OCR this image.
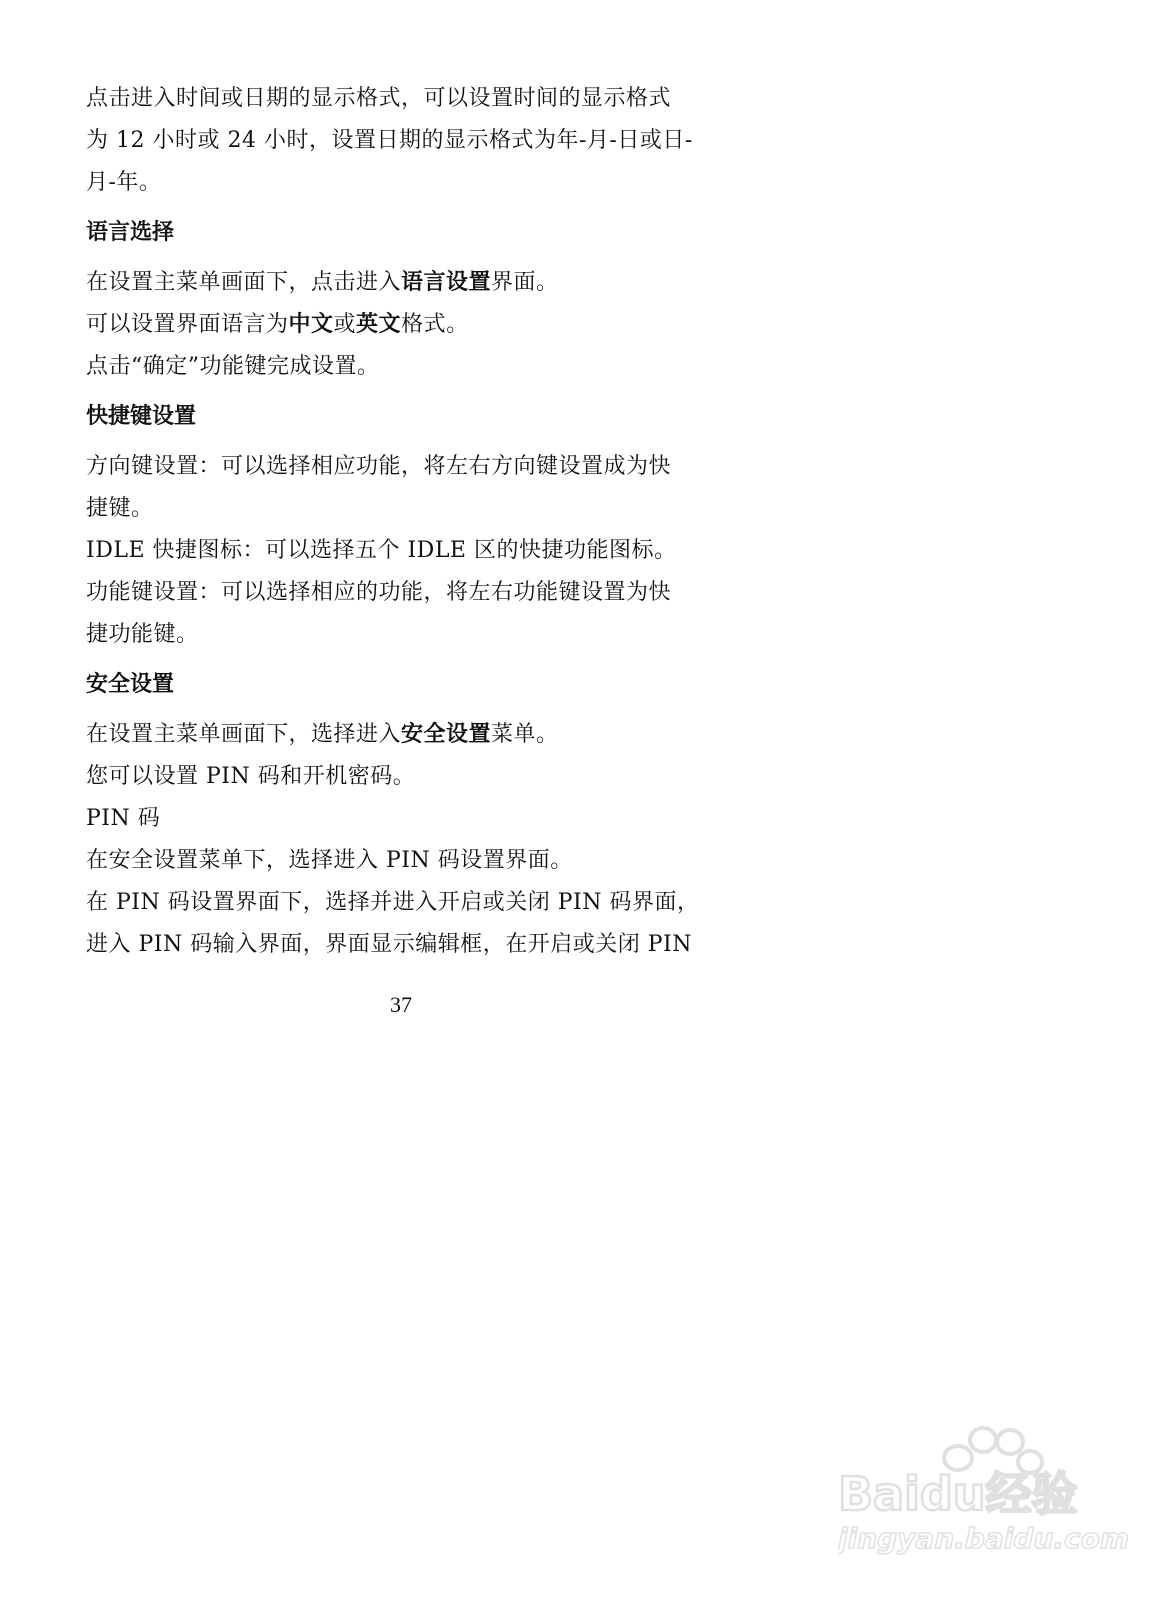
点击进入时间或日期的显示格式，可以设置时间的显示格式
为 12 小时或 24 小时，设置日期的显示格式为年-月-日或日-
月-年。

语言选择

在设置主菜单画面下，点击进入语言设置界面。
可以设置界面语言为中文或英文格式。
点击“确定”功能键完成设置。

快捷键设置

方向键设置：可以选择相应功能，将左右方向键设置成为快
捷键。
IDLE 快捷图标：可以选择五个 IDLE 区的快捷功能图标。
功能键设置：可以选择相应的功能，将左右功能键设置为快
捷功能键。

安全设置

在设置主菜单画面下，选择进入安全设置菜单。
您可以设置 PIN 码和开机密码。
PIN 码
在安全设置菜单下，选择进入 PIN 码设置界面。
在 PIN 码设置界面下，选择并进入开启或关闭 PIN 码界面，
进入 PIN 码输入界面，界面显示编辑框，在开启或关闭 PIN

37
Baidu经验
jingyan.baidu.com
